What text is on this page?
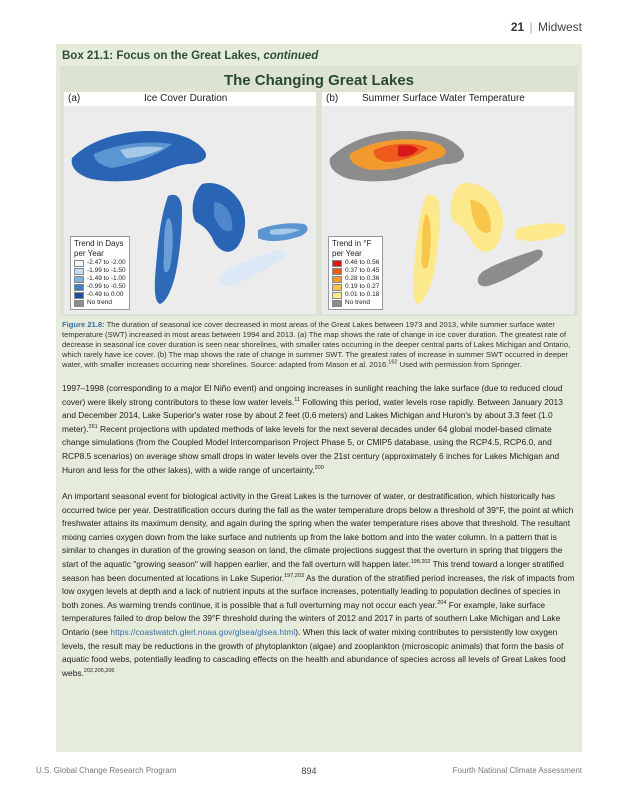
21 | Midwest
Box 21.1: Focus on the Great Lakes, continued
The Changing Great Lakes
(a)	Ice Cover Duration	(b) Summer Surface Water Temperature
Trend in Days
per Year
-2.47 to -2.00
-1.99 to -1.50
-1.49 to -1.00
-0.99 to -0.50
-0.49 to 0.00
No trend
Trend in °F
per Year
0.46 to 0.56
0.37 to 0.45
0.28 to 0.36
0.19 to 0.27
0.01 to 0.18
No trend
Figure 21.8: The duration of seasonal ice cover decreased in most areas of the Great Lakes between 1973 and 2013, while summer surface water temperature (SWT) increased in most areas between 1994 and 2013. (a) The map shows the rate of change in ice cover duration. The greatest rate of decrease in seasonal ice cover duration is seen near shorelines, with smaller rates occurring in the deeper central parts of Lakes Michigan and Ontario, which rarely have ice cover. (b) The map shows the rate of change in summer SWT. The greatest rates of increase in summer SWT occurred in deeper water, with smaller increases occurring near shorelines. Source: adapted from Mason et al. 2016.$^{162}$ Used with permission from Springer.
1997–1998 (corresponding to a major El Niño event) and ongoing increases in sunlight reaching the lake surface (due to reduced cloud cover) were likely strong contributors to these low water levels.$^{11}$ Following this period, water levels rose rapidly. Between January 2013 and December 2014, Lake Superior's water rose by about 2 feet (0.6 meters) and Lakes Michigan and Huron's by about 3.3 feet (1.0 meter).$^{261}$ Recent projections with updated methods of lake levels for the next several decades under 64 global model-based climate change simulations (from the Coupled Model Intercomparison Project Phase 5, or CMIP5 database, using the RCP4.5, RCP6.0, and RCP8.5 scenarios) on average show small drops in water levels over the 21st century (approximately 6 inches for Lakes Michigan and Huron and less for the other lakes), with a wide range of uncertainty.$^{200}$
An important seasonal event for biological activity in the Great Lakes is the turnover of water, or destratification, which historically has occurred twice per year. Destratification occurs during the fall as the water temperature drops below a threshold of 39°F, the point at which freshwater attains its maximum density, and again during the spring when the water temperature rises above that threshold. The resultant mixing carries oxygen down from the lake surface and nutrients up from the lake bottom and into the water column. In a pattern that is similar to changes in duration of the growing season on land, the climate projections suggest that the overturn in spring that triggers the start of the aquatic "growing season" will happen earlier, and the fall overturn will happen later.$^{198,202}$ This trend toward a longer stratified season has been documented at locations in Lake Superior.$^{197,203}$ As the duration of the stratified period increases, the risk of impacts from low oxygen levels at depth and a lack of nutrient inputs at the surface increases, potentially leading to population declines of species in both zones. As warming trends continue, it is possible that a full overturning may not occur each year.$^{204}$ For example, lake surface temperatures failed to drop below the 39°F threshold during the winters of 2012 and 2017 in parts of southern Lake Michigan and Lake Ontario (see https://coastwatch.glerl.noaa.gov/glsea/glsea.html). When this lack of water mixing contributes to persistently low oxygen levels, the result may be reductions in the growth of phytoplankton (algae) and zooplankton (microscopic animals) that form the basis of aquatic food webs, potentially leading to cascading effects on the health and abundance of species across all levels of Great Lakes food webs.$^{202,205,206}$
U.S. Global Change Research Program	894	Fourth National Climate Assessment
